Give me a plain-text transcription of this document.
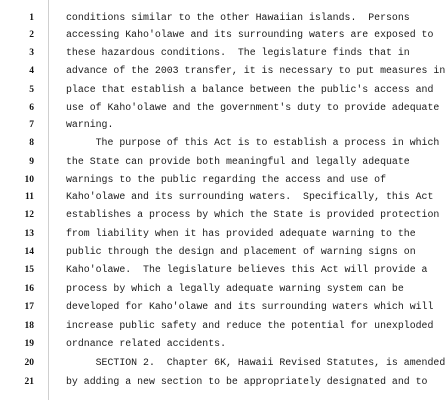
1	conditions similar to the other Hawaiian islands.  Persons
2	accessing Kaho'olawe and its surrounding waters are exposed to
3	these hazardous conditions.  The legislature finds that in
4	advance of the 2003 transfer, it is necessary to put measures in
5	place that establish a balance between the public's access and
6	use of Kaho'olawe and the government's duty to provide adequate
7	warning.
8	The purpose of this Act is to establish a process in which
9	the State can provide both meaningful and legally adequate
10	warnings to the public regarding the access and use of
11	Kaho'olawe and its surrounding waters.  Specifically, this Act
12	establishes a process by which the State is provided protection
13	from liability when it has provided adequate warning to the
14	public through the design and placement of warning signs on
15	Kaho'olawe.  The legislature believes this Act will provide a
16	process by which a legally adequate warning system can be
17	developed for Kaho'olawe and its surrounding waters which will
18	increase public safety and reduce the potential for unexploded
19	ordnance related accidents.
20	SECTION 2.  Chapter 6K, Hawaii Revised Statutes, is amended
21	by adding a new section to be appropriately designated and to
